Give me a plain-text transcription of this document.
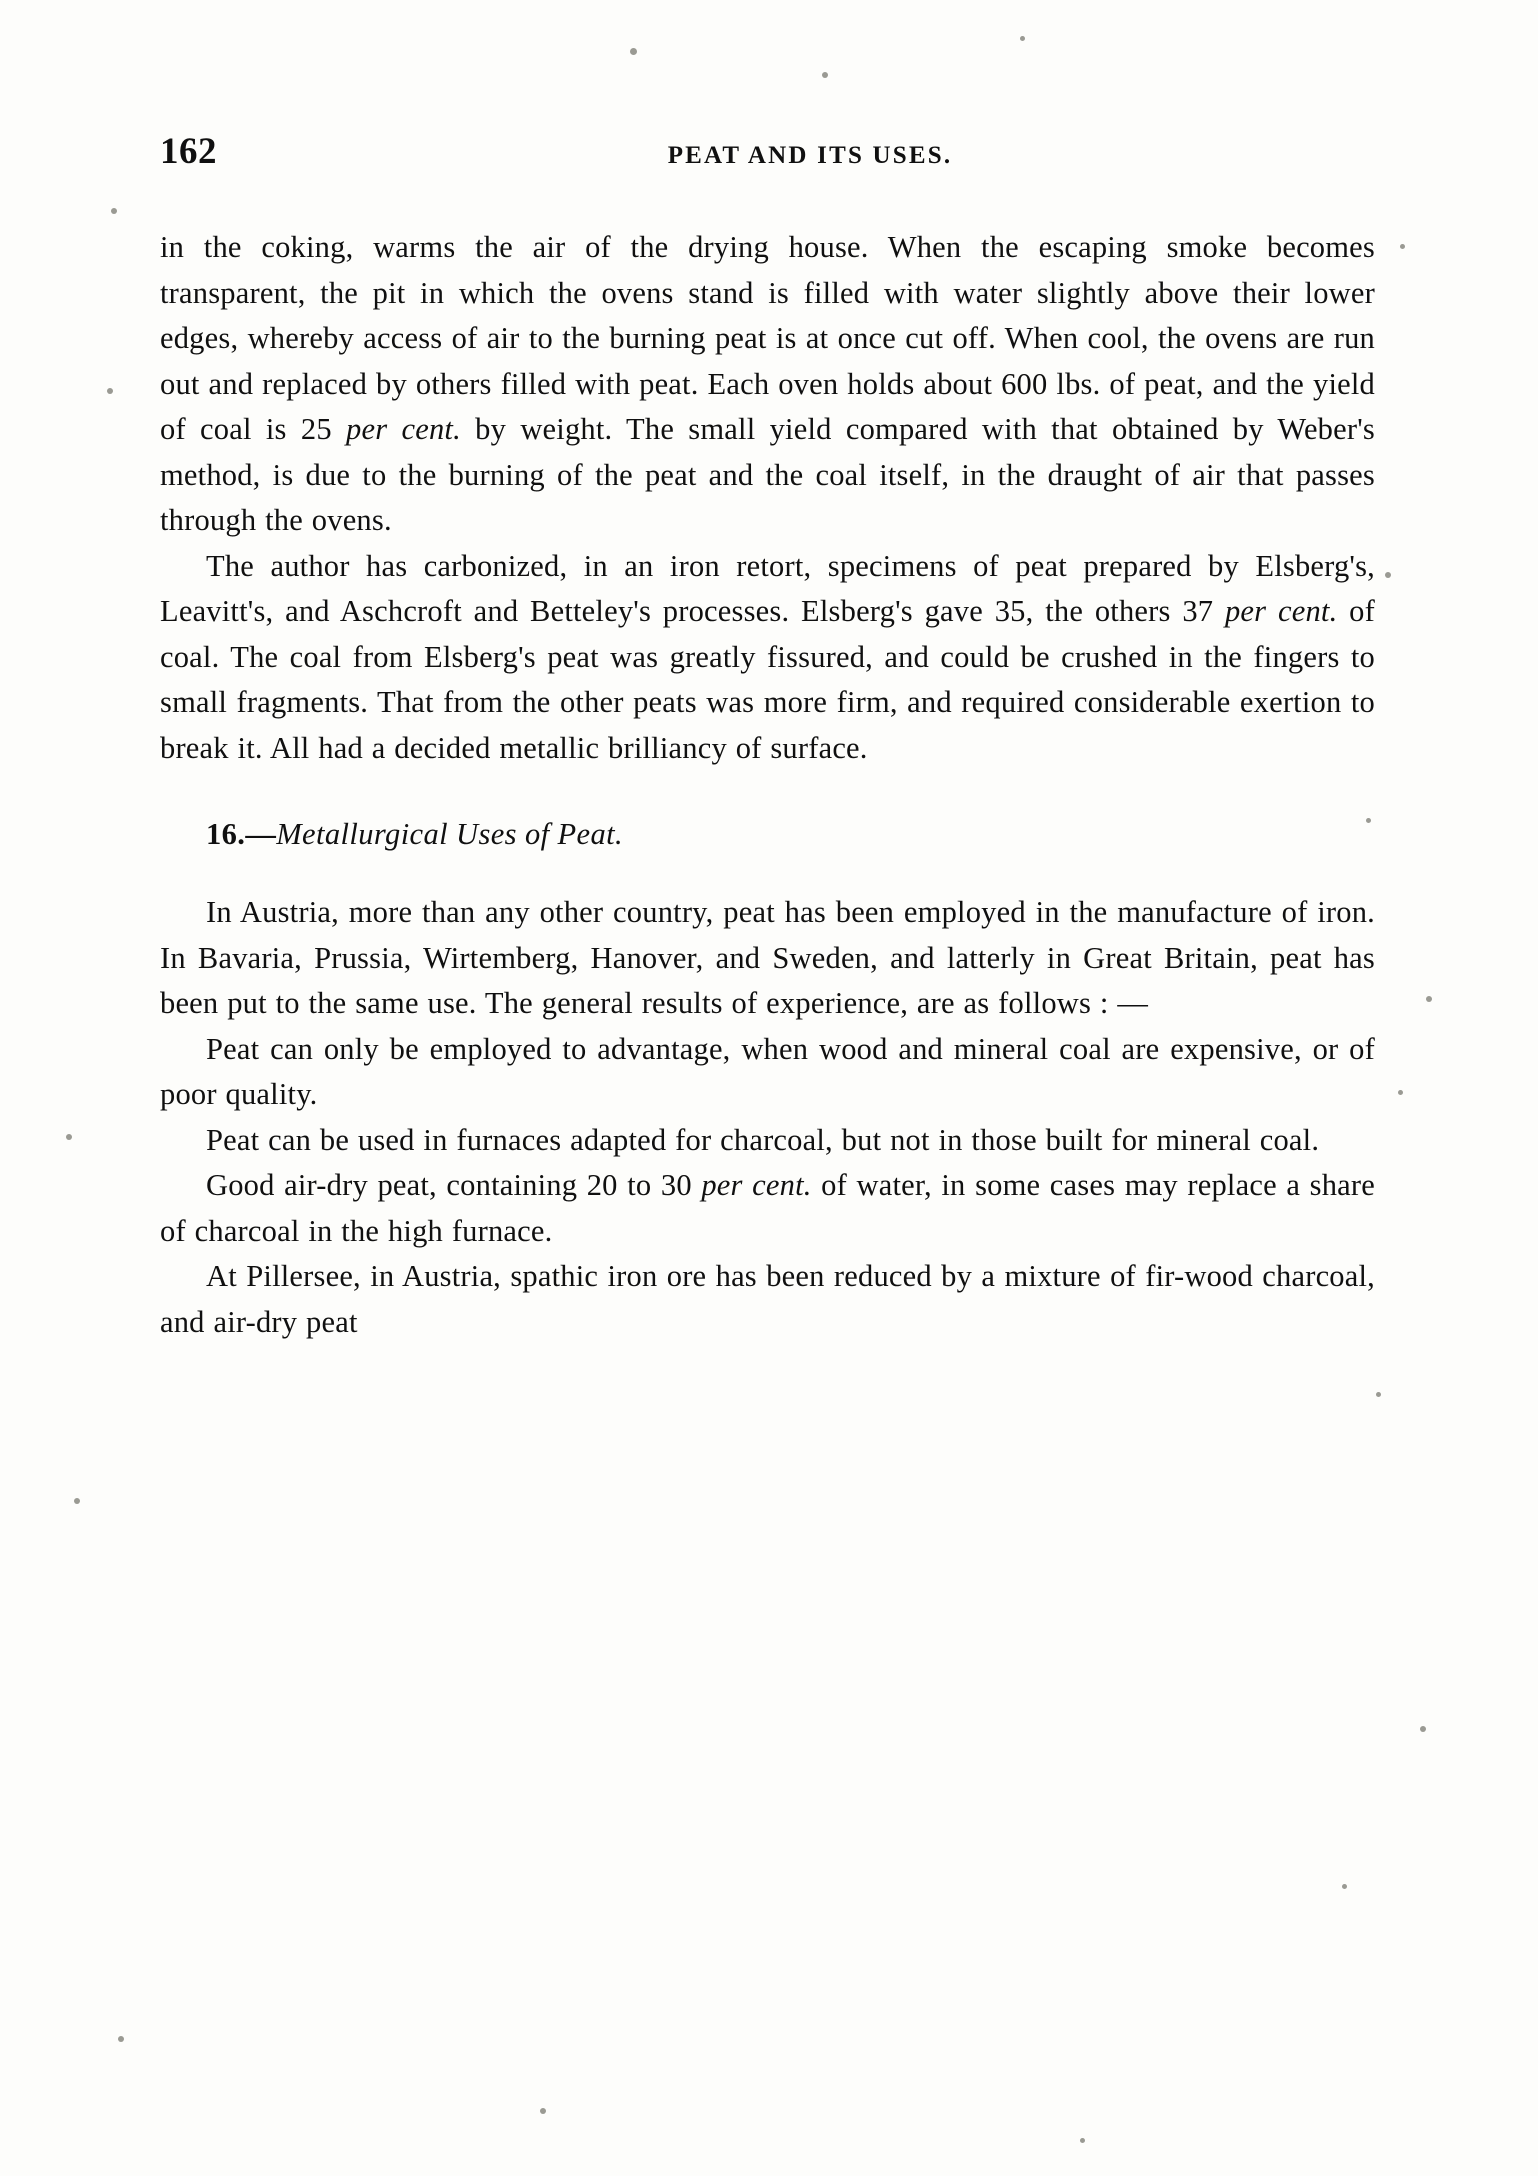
162	PEAT AND ITS USES.

in the coking, warms the air of the drying house. When the escaping smoke becomes transparent, the pit in which the ovens stand is filled with water slightly above their lower edges, whereby access of air to the burning peat is at once cut off. When cool, the ovens are run out and replaced by others filled with peat. Each oven holds about 600 lbs. of peat, and the yield of coal is 25 per cent. by weight. The small yield compared with that obtained by Weber's method, is due to the burning of the peat and the coal itself, in the draught of air that passes through the ovens.

The author has carbonized, in an iron retort, specimens of peat prepared by Elsberg's, Leavitt's, and Aschcroft and Betteley's processes. Elsberg's gave 35, the others 37 per cent. of coal. The coal from Elsberg's peat was greatly fissured, and could be crushed in the fingers to small fragments. That from the other peats was more firm, and required considerable exertion to break it. All had a decided metallic brilliancy of surface.

16.—Metallurgical Uses of Peat.

In Austria, more than any other country, peat has been employed in the manufacture of iron. In Bavaria, Prussia, Wirtemberg, Hanover, and Sweden, and latterly in Great Britain, peat has been put to the same use. The general results of experience, are as follows : —

Peat can only be employed to advantage, when wood and mineral coal are expensive, or of poor quality.

Peat can be used in furnaces adapted for charcoal, but not in those built for mineral coal.

Good air-dry peat, containing 20 to 30 per cent. of water, in some cases may replace a share of charcoal in the high furnace.

At Pillersee, in Austria, spathic iron ore has been reduced by a mixture of fir-wood charcoal, and air-dry peat
